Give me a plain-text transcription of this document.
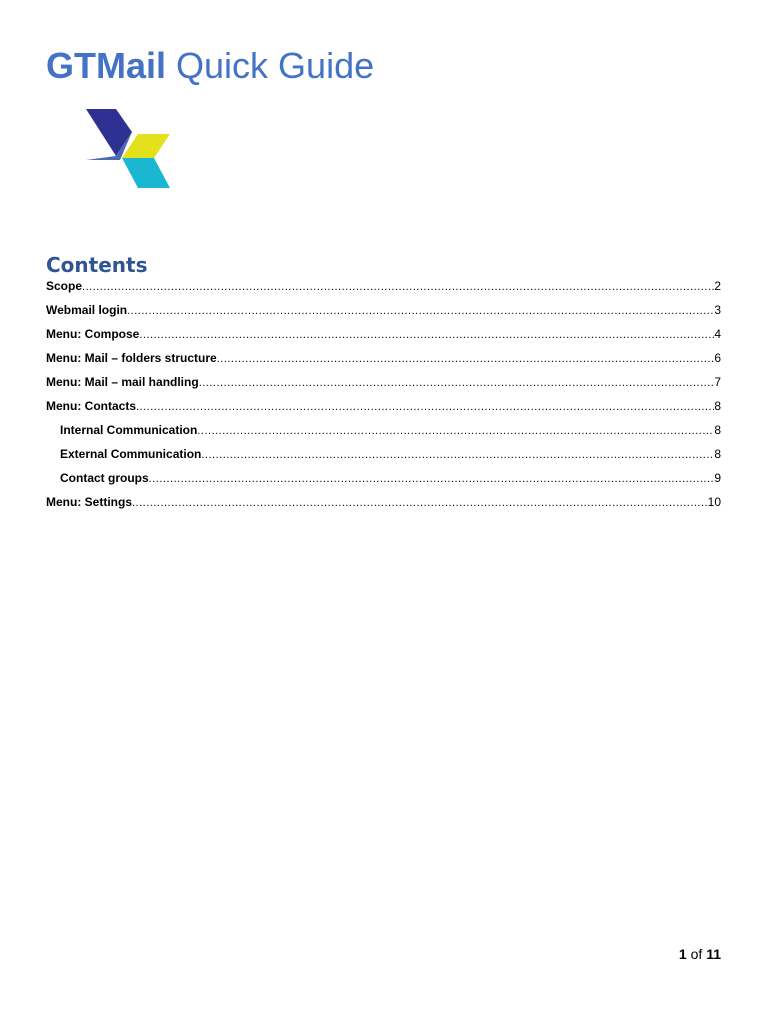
GTMail Quick Guide
Contents
Scope .....	2
Webmail login .....	3
Menu: Compose .....	4
Menu: Mail – folders structure .....	6
Menu: Mail – mail handling .....	7
Menu: Contacts .....	8
Internal Communication .....	8
External Communication .....	8
Contact groups .....	9
Menu: Settings .....	10
1 of 11
